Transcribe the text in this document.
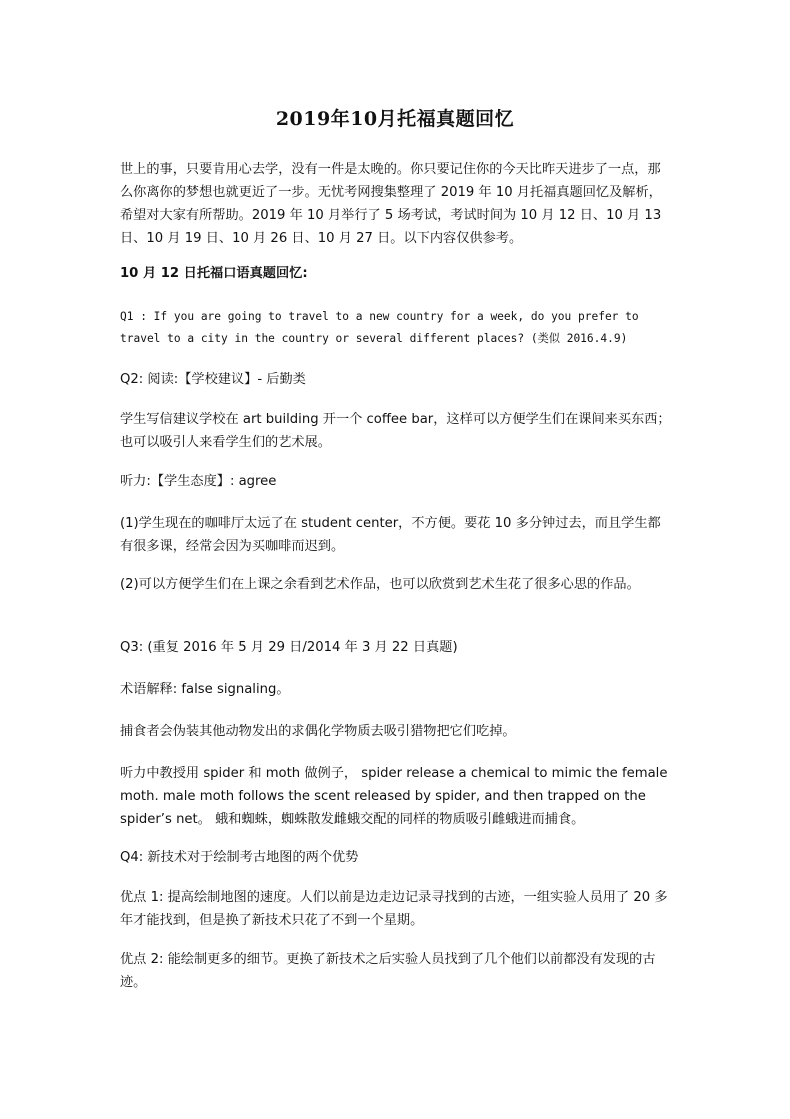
2019年10月托福真题回忆

世上的事，只要肯用心去学，没有一件是太晚的。你只要记住你的今天比昨天进步了一点，那么你离你的梦想也就更近了一步。无忧考网搜集整理了 2019 年 10 月托福真题回忆及解析，希望对大家有所帮助。2019 年 10 月举行了 5 场考试，考试时间为 10 月 12 日、10 月 13 日、10 月 19 日、10 月 26 日、10 月 27 日。以下内容仅供参考。

10 月 12 日托福口语真题回忆:

Q1 : If you are going to travel to a new country for a week, do you prefer to travel to a city in the country or several different places? (类似 2016.4.9)

Q2: 阅读:【学校建议】- 后勤类

学生写信建议学校在 art building 开一个 coffee bar，这样可以方便学生们在课间来买东西；也可以吸引人来看学生们的艺术展。

听力:【学生态度】: agree

(1)学生现在的咖啡厅太远了在 student center，不方便。要花 10 多分钟过去，而且学生都有很多课，经常会因为买咖啡而迟到。

(2)可以方便学生们在上课之余看到艺术作品，也可以欣赏到艺术生花了很多心思的作品。

Q3: (重复 2016 年 5 月 29 日/2014 年 3 月 22 日真题)

术语解释: false signaling。

捕食者会伪装其他动物发出的求偶化学物质去吸引猎物把它们吃掉。

听力中教授用 spider 和 moth 做例子， spider release a chemical to mimic the female moth. male moth follows the scent released by spider, and then trapped on the spider’s net。 蛾和蜘蛛，蜘蛛散发雌蛾交配的同样的物质吸引雌蛾进而捕食。

Q4: 新技术对于绘制考古地图的两个优势

优点 1: 提高绘制地图的速度。人们以前是边走边记录寻找到的古迹，一组实验人员用了 20 多年才能找到，但是换了新技术只花了不到一个星期。

优点 2: 能绘制更多的细节。更换了新技术之后实验人员找到了几个他们以前都没有发现的古迹。
